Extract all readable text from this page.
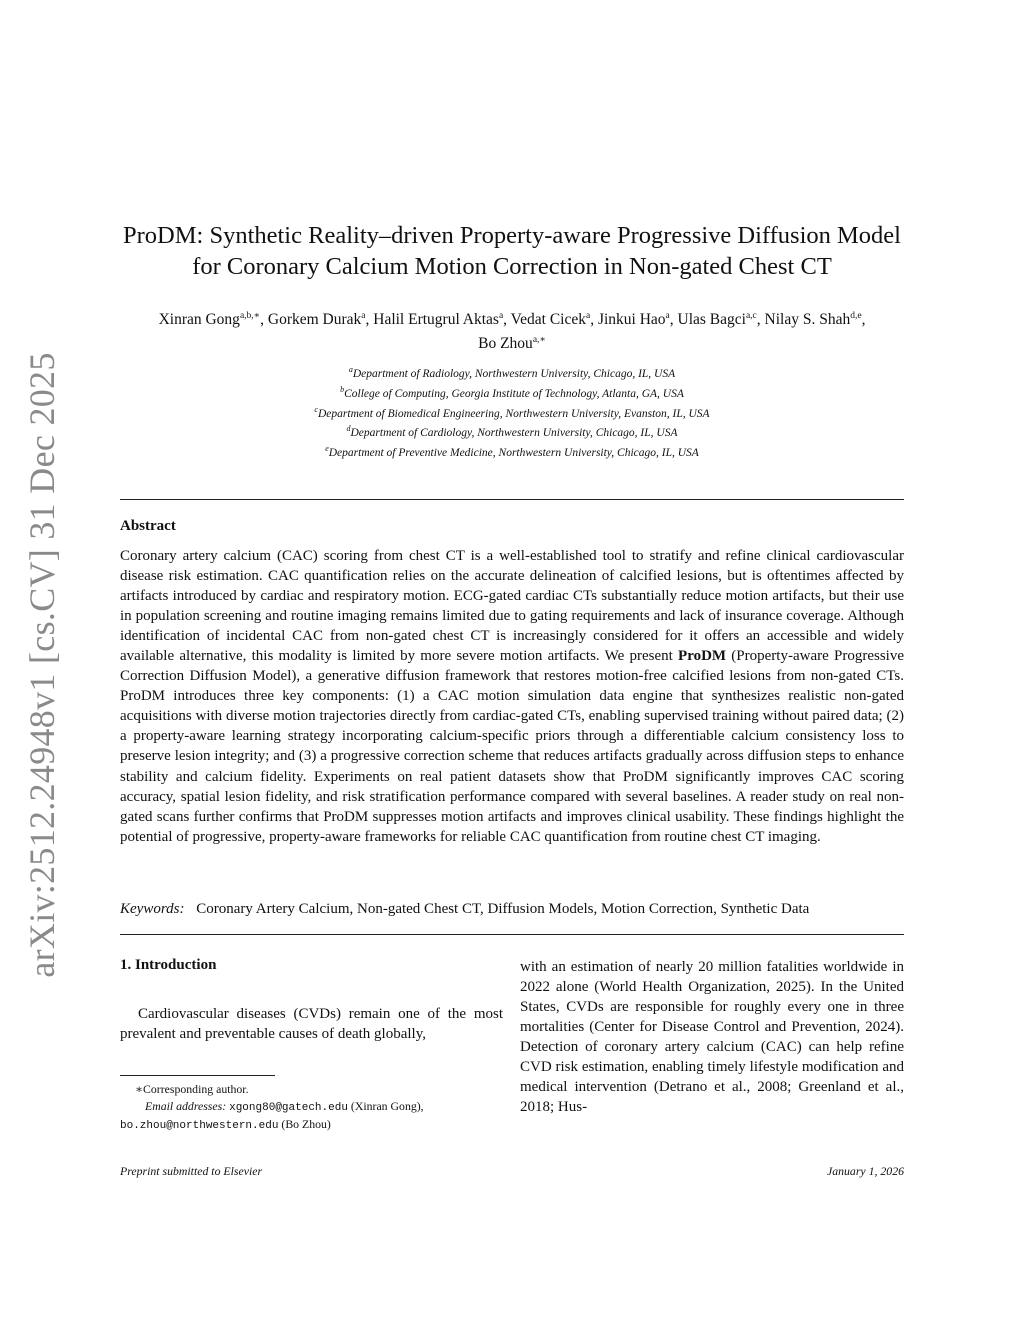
arXiv:2512.24948v1 [cs.CV] 31 Dec 2025
ProDM: Synthetic Reality–driven Property-aware Progressive Diffusion Model
for Coronary Calcium Motion Correction in Non-gated Chest CT
Xinran Gong$^{a,b,∗}$, Gorkem Durak$^a$, Halil Ertugrul Aktas$^a$, Vedat Cicek$^a$, Jinkui Hao$^a$, Ulas Bagci$^{a,c}$, Nilay S. Shah$^{d,e}$,
Bo Zhou$^{a,∗}$
$^a$Department of Radiology, Northwestern University, Chicago, IL, USA
$^b$College of Computing, Georgia Institute of Technology, Atlanta, GA, USA
$^c$Department of Biomedical Engineering, Northwestern University, Evanston, IL, USA
$^d$Department of Cardiology, Northwestern University, Chicago, IL, USA
$^e$Department of Preventive Medicine, Northwestern University, Chicago, IL, USA
Abstract
Coronary artery calcium (CAC) scoring from chest CT is a well-established tool to stratify and refine clinical cardiovascular disease risk estimation. CAC quantification relies on the accurate delineation of calcified lesions, but is oftentimes affected by artifacts introduced by cardiac and respiratory motion. ECG-gated cardiac CTs substantially reduce motion artifacts, but their use in population screening and routine imaging remains limited due to gating requirements and lack of insurance coverage. Although identification of incidental CAC from non-gated chest CT is increasingly considered for it offers an accessible and widely available alternative, this modality is limited by more severe motion artifacts. We present ProDM (Property-aware Progressive Correction Diffusion Model), a generative diffusion framework that restores motion-free calcified lesions from non-gated CTs. ProDM introduces three key components: (1) a CAC motion simulation data engine that synthesizes realistic non-gated acquisitions with diverse motion trajectories directly from cardiac-gated CTs, enabling supervised training without paired data; (2) a property-aware learning strategy incorporating calcium-specific priors through a differentiable calcium consistency loss to preserve lesion integrity; and (3) a progressive correction scheme that reduces artifacts gradually across diffusion steps to enhance stability and calcium fidelity. Experiments on real patient datasets show that ProDM significantly improves CAC scoring accuracy, spatial lesion fidelity, and risk stratification performance compared with several baselines. A reader study on real non-gated scans further confirms that ProDM suppresses motion artifacts and improves clinical usability. These findings highlight the potential of progressive, property-aware frameworks for reliable CAC quantification from routine chest CT imaging.
Keywords: Coronary Artery Calcium, Non-gated Chest CT, Diffusion Models, Motion Correction, Synthetic Data
1. Introduction
Cardiovascular diseases (CVDs) remain one of the most prevalent and preventable causes of death globally,
with an estimation of nearly 20 million fatalities worldwide in 2022 alone (World Health Organization, 2025). In the United States, CVDs are responsible for roughly every one in three mortalities (Center for Disease Control and Prevention, 2024). Detection of coronary artery calcium (CAC) can help refine CVD risk estimation, enabling timely lifestyle modification and medical intervention (Detrano et al., 2008; Greenland et al., 2018; Hus-
∗Corresponding author.
Email addresses: xgong80@gatech.edu (Xinran Gong),
bo.zhou@northwestern.edu (Bo Zhou)
Preprint submitted to Elsevier	January 1, 2026
